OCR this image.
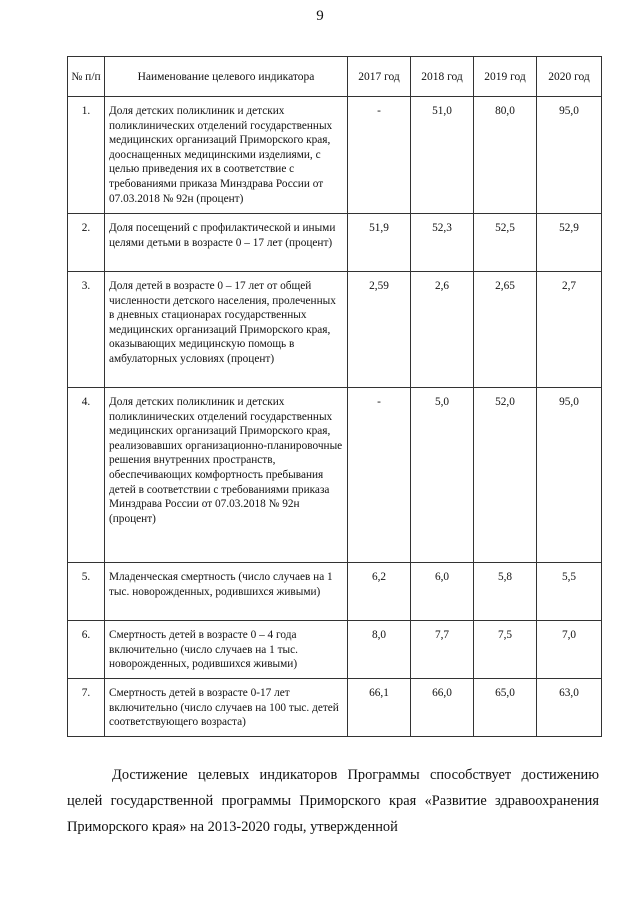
9
№ п/п	Наименование целевого индикатора	2017 год	2018 год	2019 год	2020 год
1.	Доля детских поликлиник и детских поликлинических отделений государственных медицинских организаций Приморского края, дооснащенных медицинскими изделиями, с целью приведения их в соответствие с требованиями приказа Минздрава России от 07.03.2018 № 92н (процент)	-	51,0	80,0	95,0
2.	Доля посещений с профилактической и иными целями детьми в возрасте 0 – 17 лет (процент)	51,9	52,3	52,5	52,9
3.	Доля детей в возрасте 0 – 17 лет от общей численности детского населения, пролеченных в дневных стационарах государственных медицинских организаций Приморского края, оказывающих медицинскую помощь в амбулаторных условиях (процент)	2,59	2,6	2,65	2,7
4.	Доля детских поликлиник и детских поликлинических отделений государственных медицинских организаций Приморского края, реализовавших организационно-планировочные решения внутренних пространств, обеспечивающих комфортность пребывания детей в соответствии с требованиями приказа Минздрава России от 07.03.2018 № 92н (процент)	-	5,0	52,0	95,0
5.	Младенческая смертность (число случаев на 1 тыс. новорожденных, родившихся живыми)	6,2	6,0	5,8	5,5
6.	Смертность детей в возрасте 0 – 4 года включительно (число случаев на 1 тыс. новорожденных, родившихся живыми)	8,0	7,7	7,5	7,0
7.	Смертность детей в возрасте 0-17 лет включительно (число случаев на 100 тыс. детей соответствующего возраста)	66,1	66,0	65,0	63,0

Достижение целевых индикаторов Программы способствует достижению целей государственной программы Приморского края «Развитие здравоохранения Приморского края» на 2013-2020 годы, утвержденной
